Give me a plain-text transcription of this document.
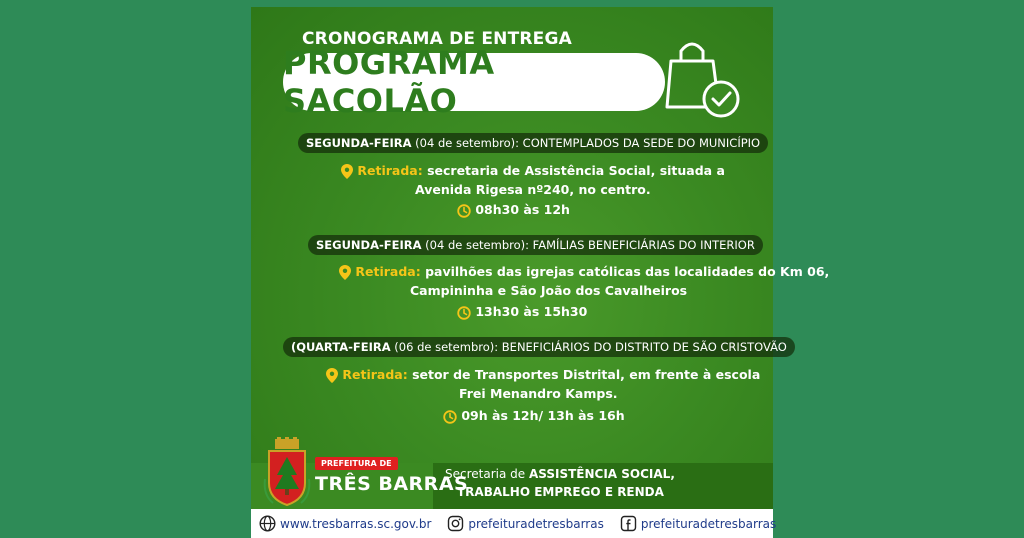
CRONOGRAMA DE ENTREGA
PROGRAMA SACOLÃO
SEGUNDA-FEIRA (04 de setembro): CONTEMPLADOS DA SEDE DO MUNICÍPIO
Retirada: secretaria de Assistência Social, situada a
Avenida Rigesa nº240, no centro.
08h30 às 12h
SEGUNDA-FEIRA (04 de setembro): FAMÍLIAS BENEFICIÁRIAS DO INTERIOR
Retirada: pavilhões das igrejas católicas das localidades do Km 06,
Campininha e São João dos Cavalheiros
13h30 às 15h30
(QUARTA-FEIRA (06 de setembro): BENEFICIÁRIOS DO DISTRITO DE SÃO CRISTOVÃO
Retirada: setor de Transportes Distrital, em frente à escola
Frei Menandro Kamps.
09h às 12h/ 13h às 16h
PREFEITURA DE
TRÊS BARRAS
Secretaria de ASSISTÊNCIA SOCIAL,
TRABALHO EMPREGO E RENDA
www.tresbarras.sc.gov.br	prefeituradetresbarras	prefeituradetresbarras
